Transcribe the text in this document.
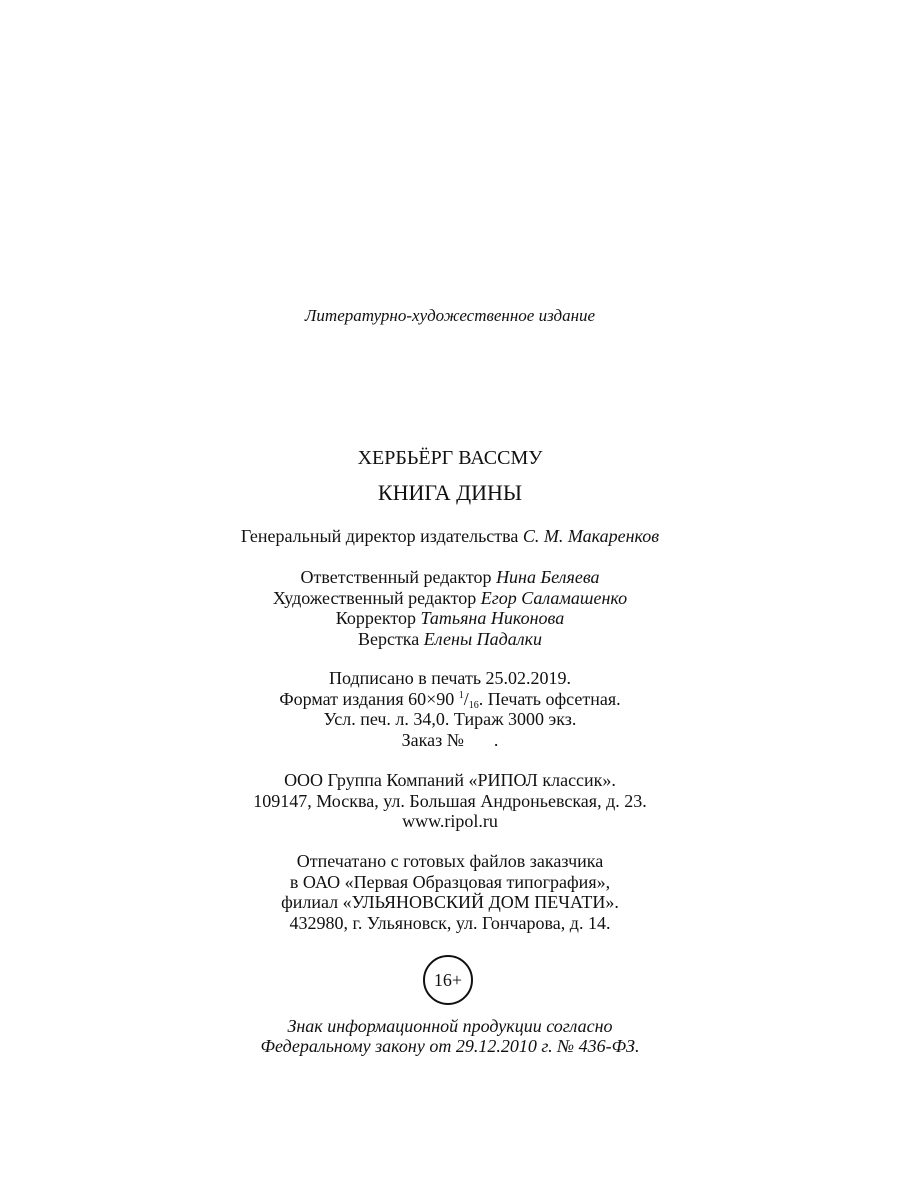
Литературно-художественное издание
ХЕРБЬЁРГ ВАССМУ
КНИГА ДИНЫ
Генеральный директор издательства С. М. Макаренков
Ответственный редактор Нина Беляева
Художественный редактор Егор Саламашенко
Корректор Татьяна Никонова
Верстка Елены Падалки
Подписано в печать 25.02.2019.
Формат издания 60×90 $^1$/16. Печать офсетная.
Усл. печ. л. 34,0. Тираж 3000 экз.
Заказ № .
ООО Группа Компаний «РИПОЛ классик».
109147, Москва, ул. Большая Андроньевская, д. 23.
www.ripol.ru
Отпечатано с готовых файлов заказчика
в ОАО «Первая Образцовая типография»,
филиал «УЛЬЯНОВСКИЙ ДОМ ПЕЧАТИ».
432980, г. Ульяновск, ул. Гончарова, д. 14.
16+
Знак информационной продукции согласно
Федеральному закону от 29.12.2010 г. № 436-ФЗ.
